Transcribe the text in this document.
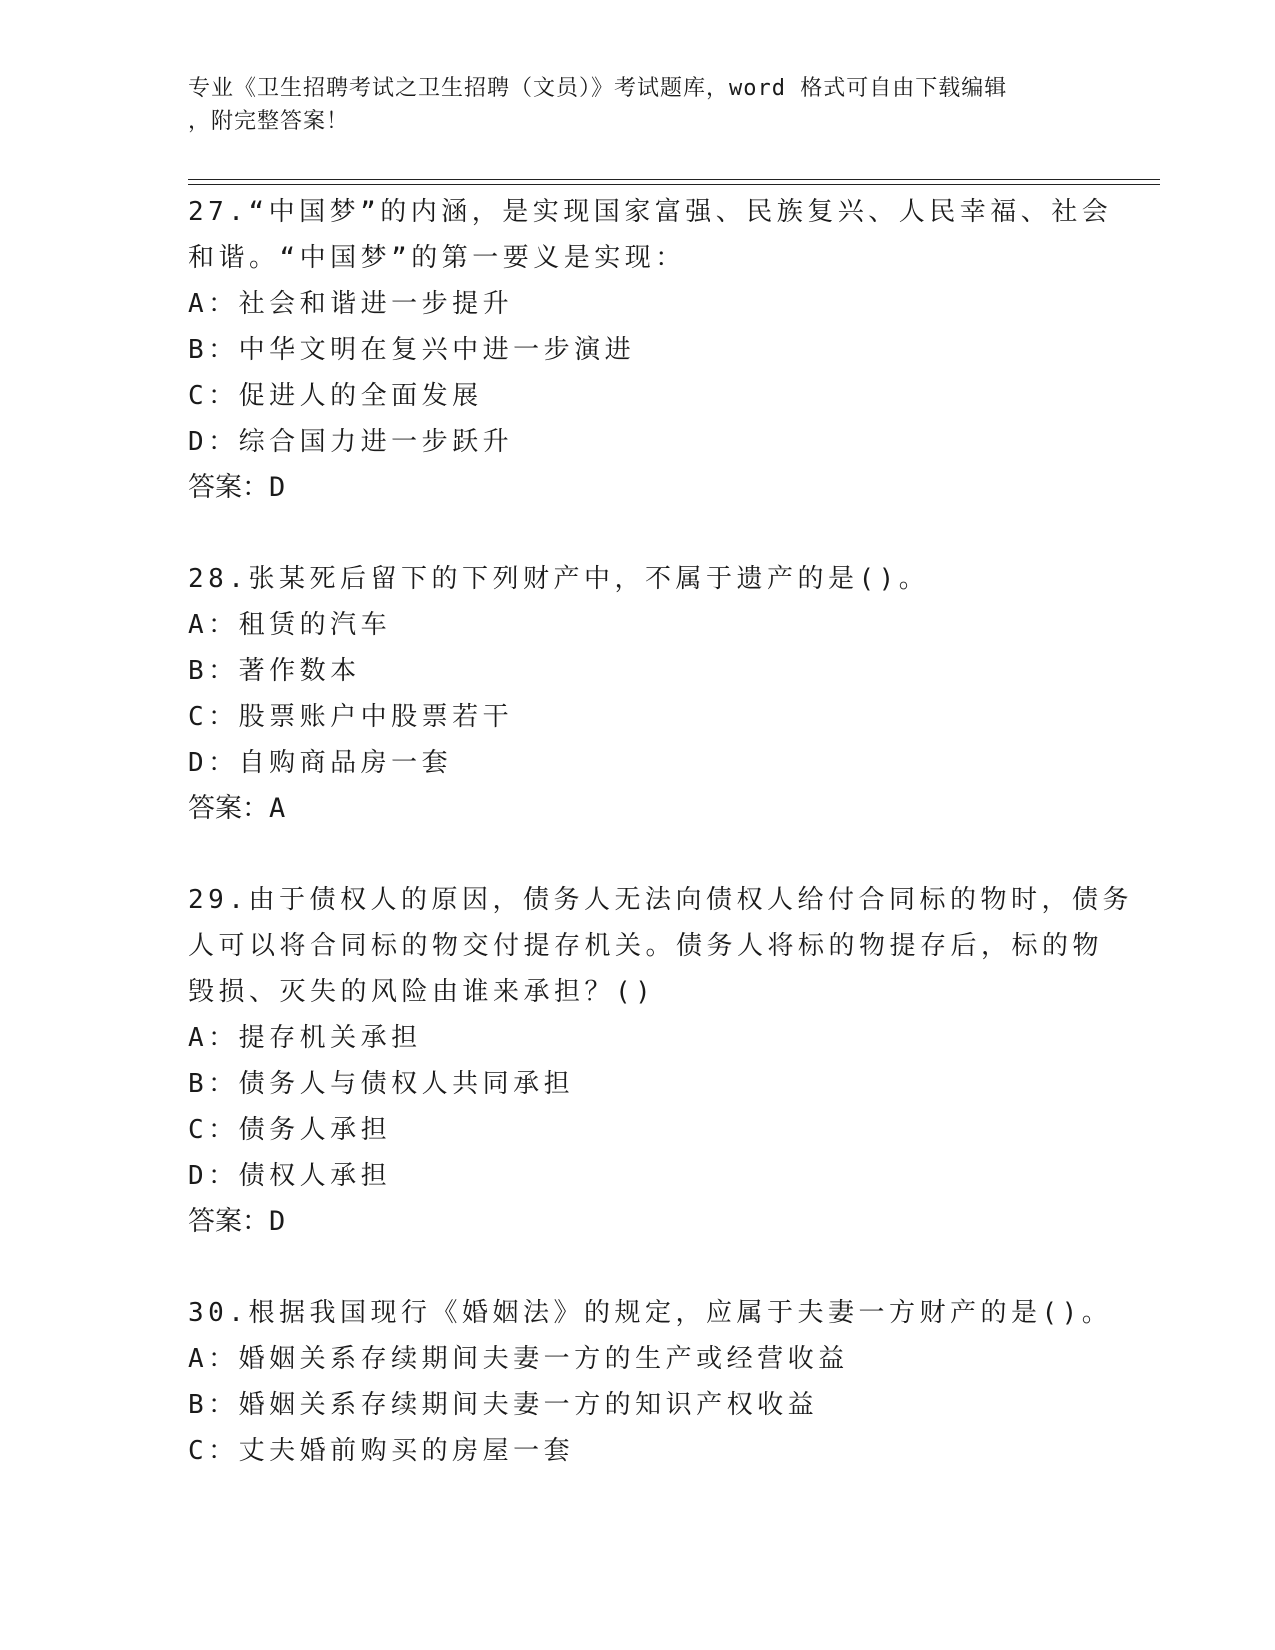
专业《卫生招聘考试之卫生招聘（文员）》考试题库，word 格式可自由下载编辑
，附完整答案！
27.“中国梦”的内涵，是实现国家富强、民族复兴、人民幸福、社会
和谐。“中国梦”的第一要义是实现：
A：社会和谐进一步提升
B：中华文明在复兴中进一步演进
C：促进人的全面发展
D：综合国力进一步跃升
答案：D
28.张某死后留下的下列财产中，不属于遗产的是()。
A：租赁的汽车
B：著作数本
C：股票账户中股票若干
D：自购商品房一套
答案：A
29.由于债权人的原因，债务人无法向债权人给付合同标的物时，债务
人可以将合同标的物交付提存机关。债务人将标的物提存后，标的物
毁损、灭失的风险由谁来承担？()
A：提存机关承担
B：债务人与债权人共同承担
C：债务人承担
D：债权人承担
答案：D
30.根据我国现行《婚姻法》的规定，应属于夫妻一方财产的是()。
A：婚姻关系存续期间夫妻一方的生产或经营收益
B：婚姻关系存续期间夫妻一方的知识产权收益
C：丈夫婚前购买的房屋一套
